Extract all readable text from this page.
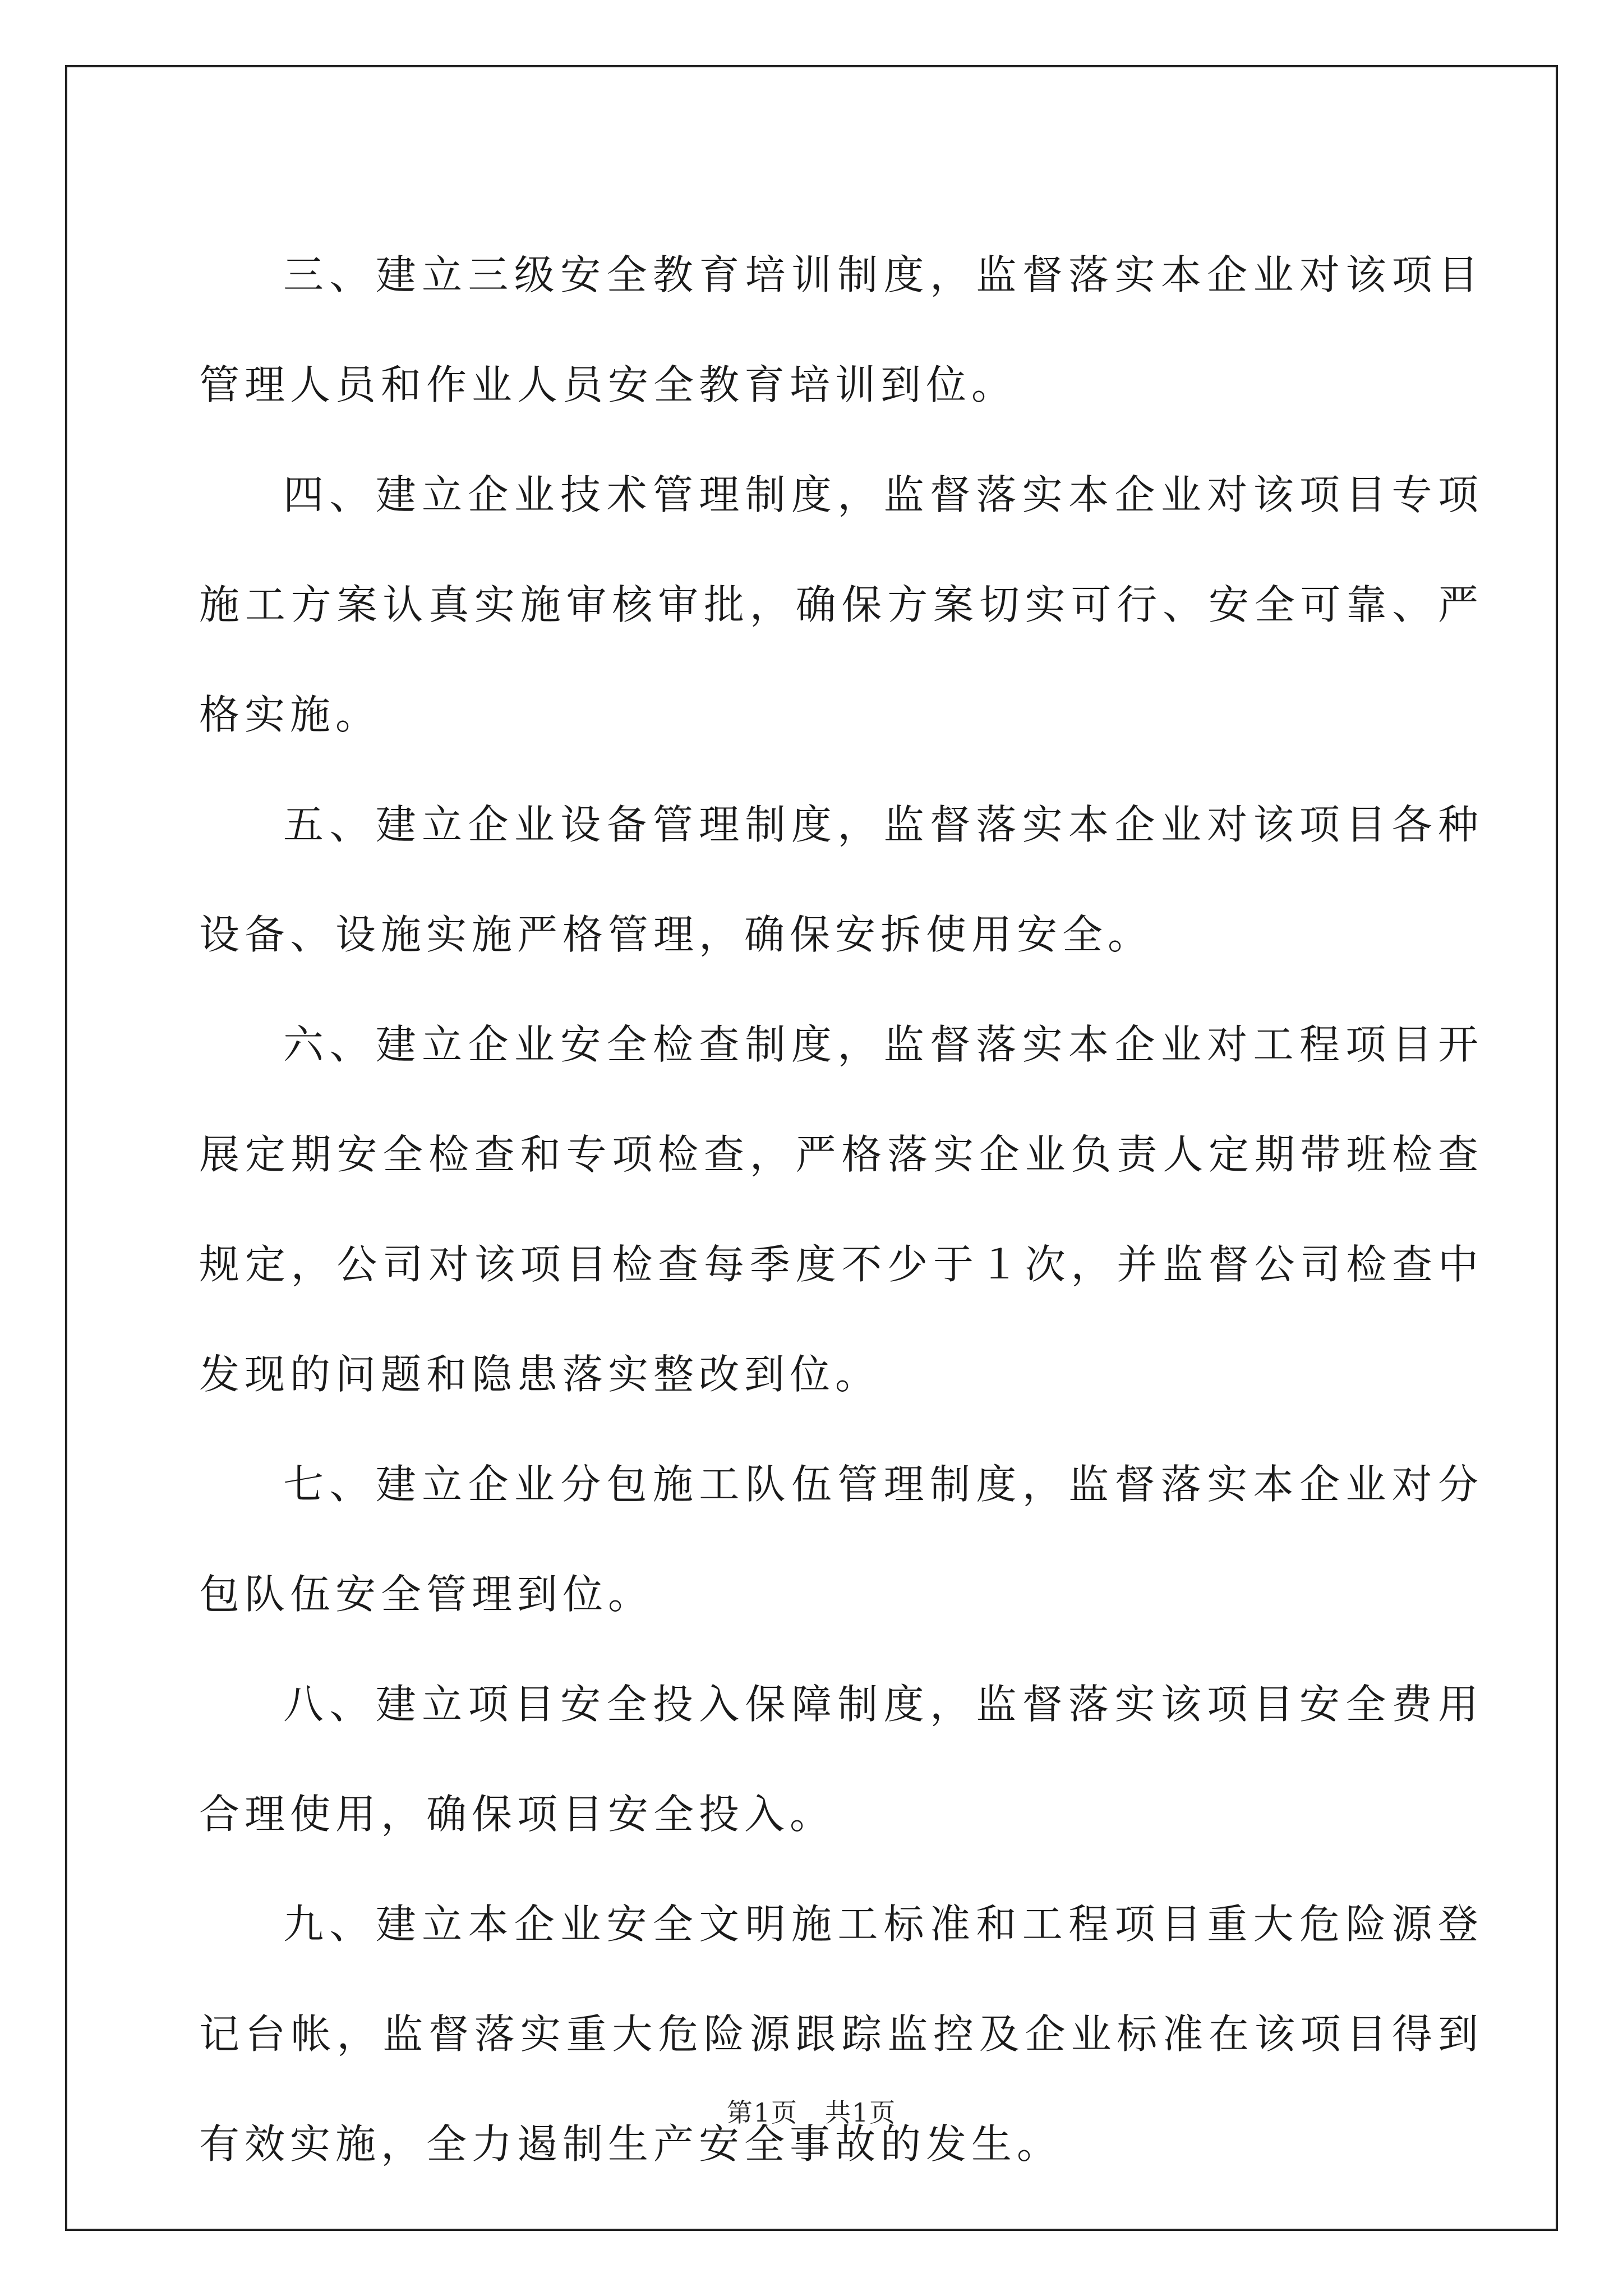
三、建立三级安全教育培训制度，监督落实本企业对该项目管理人员和作业人员安全教育培训到位。

四、建立企业技术管理制度，监督落实本企业对该项目专项施工方案认真实施审核审批，确保方案切实可行、安全可靠、严格实施。

五、建立企业设备管理制度，监督落实本企业对该项目各种设备、设施实施严格管理，确保安拆使用安全。

六、建立企业安全检查制度，监督落实本企业对工程项目开展定期安全检查和专项检查，严格落实企业负责人定期带班检查规定，公司对该项目检查每季度不少于１次，并监督公司检查中发现的问题和隐患落实整改到位。

七、建立企业分包施工队伍管理制度，监督落实本企业对分包队伍安全管理到位。

八、建立项目安全投入保障制度，监督落实该项目安全费用合理使用，确保项目安全投入。

九、建立本企业安全文明施工标准和工程项目重大危险源登记台帐，监督落实重大危险源跟踪监控及企业标准在该项目得到有效实施，全力遏制生产安全事故的发生。

第1页 共1页
